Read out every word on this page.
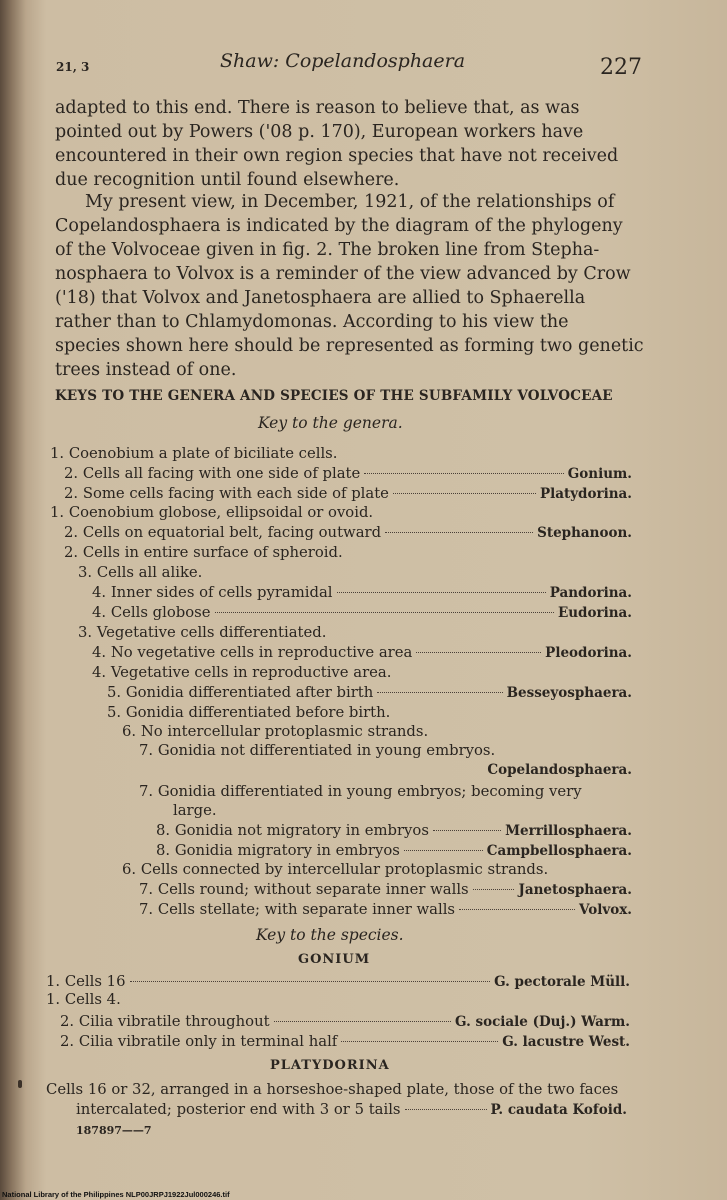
21, 3	Shaw: Copelandosphaera	227
adapted to this end. There is reason to believe that, as was
pointed out by Powers ('08 p. 170), European workers have
encountered in their own region species that have not received
due recognition until found elsewhere.
My present view, in December, 1921, of the relationships of
Copelandosphaera is indicated by the diagram of the phylogeny
of the Volvoceae given in fig. 2. The broken line from Stepha-
nosphaera to Volvox is a reminder of the view advanced by Crow
('18) that Volvox and Janetosphaera are allied to Sphaerella
rather than to Chlamydomonas. According to his view the
species shown here should be represented as forming two genetic
trees instead of one.
KEYS TO THE GENERA AND SPECIES OF THE SUBFAMILY VOLVOCEAE
Key to the genera.
1. Coenobium a plate of biciliate cells.
2. Cells all facing with one side of plate	Gonium.
2. Some cells facing with each side of plate	Platydorina.
1. Coenobium globose, ellipsoidal or ovoid.
2. Cells on equatorial belt, facing outward	Stephanoon.
2. Cells in entire surface of spheroid.
3. Cells all alike.
4. Inner sides of cells pyramidal	Pandorina.
4. Cells globose	Eudorina.
3. Vegetative cells differentiated.
4. No vegetative cells in reproductive area	Pleodorina.
4. Vegetative cells in reproductive area.
5. Gonidia differentiated after birth	Besseyosphaera.
5. Gonidia differentiated before birth.
6. No intercellular protoplasmic strands.
7. Gonidia not differentiated in young embryos.
Copelandosphaera.
7. Gonidia differentiated in young embryos; becoming very
large.
8. Gonidia not migratory in embryos	Merrillosphaera.
8. Gonidia migratory in embryos	Campbellosphaera.
6. Cells connected by intercellular protoplasmic strands.
7. Cells round; without separate inner walls	Janetosphaera.
7. Cells stellate; with separate inner walls	Volvox.
Key to the species.
GONIUM
1. Cells 16	G. pectorale Müll.
1. Cells 4.
2. Cilia vibratile throughout	G. sociale (Duj.) Warm.
2. Cilia vibratile only in terminal half	G. lacustre West.
PLATYDORINA
Cells 16 or 32, arranged in a horseshoe-shaped plate, those of the two faces
intercalated; posterior end with 3 or 5 tails	P. caudata Kofoid.
187897——7
National Library of the Philippines NLP00JRPJ1922Jul000246.tif
